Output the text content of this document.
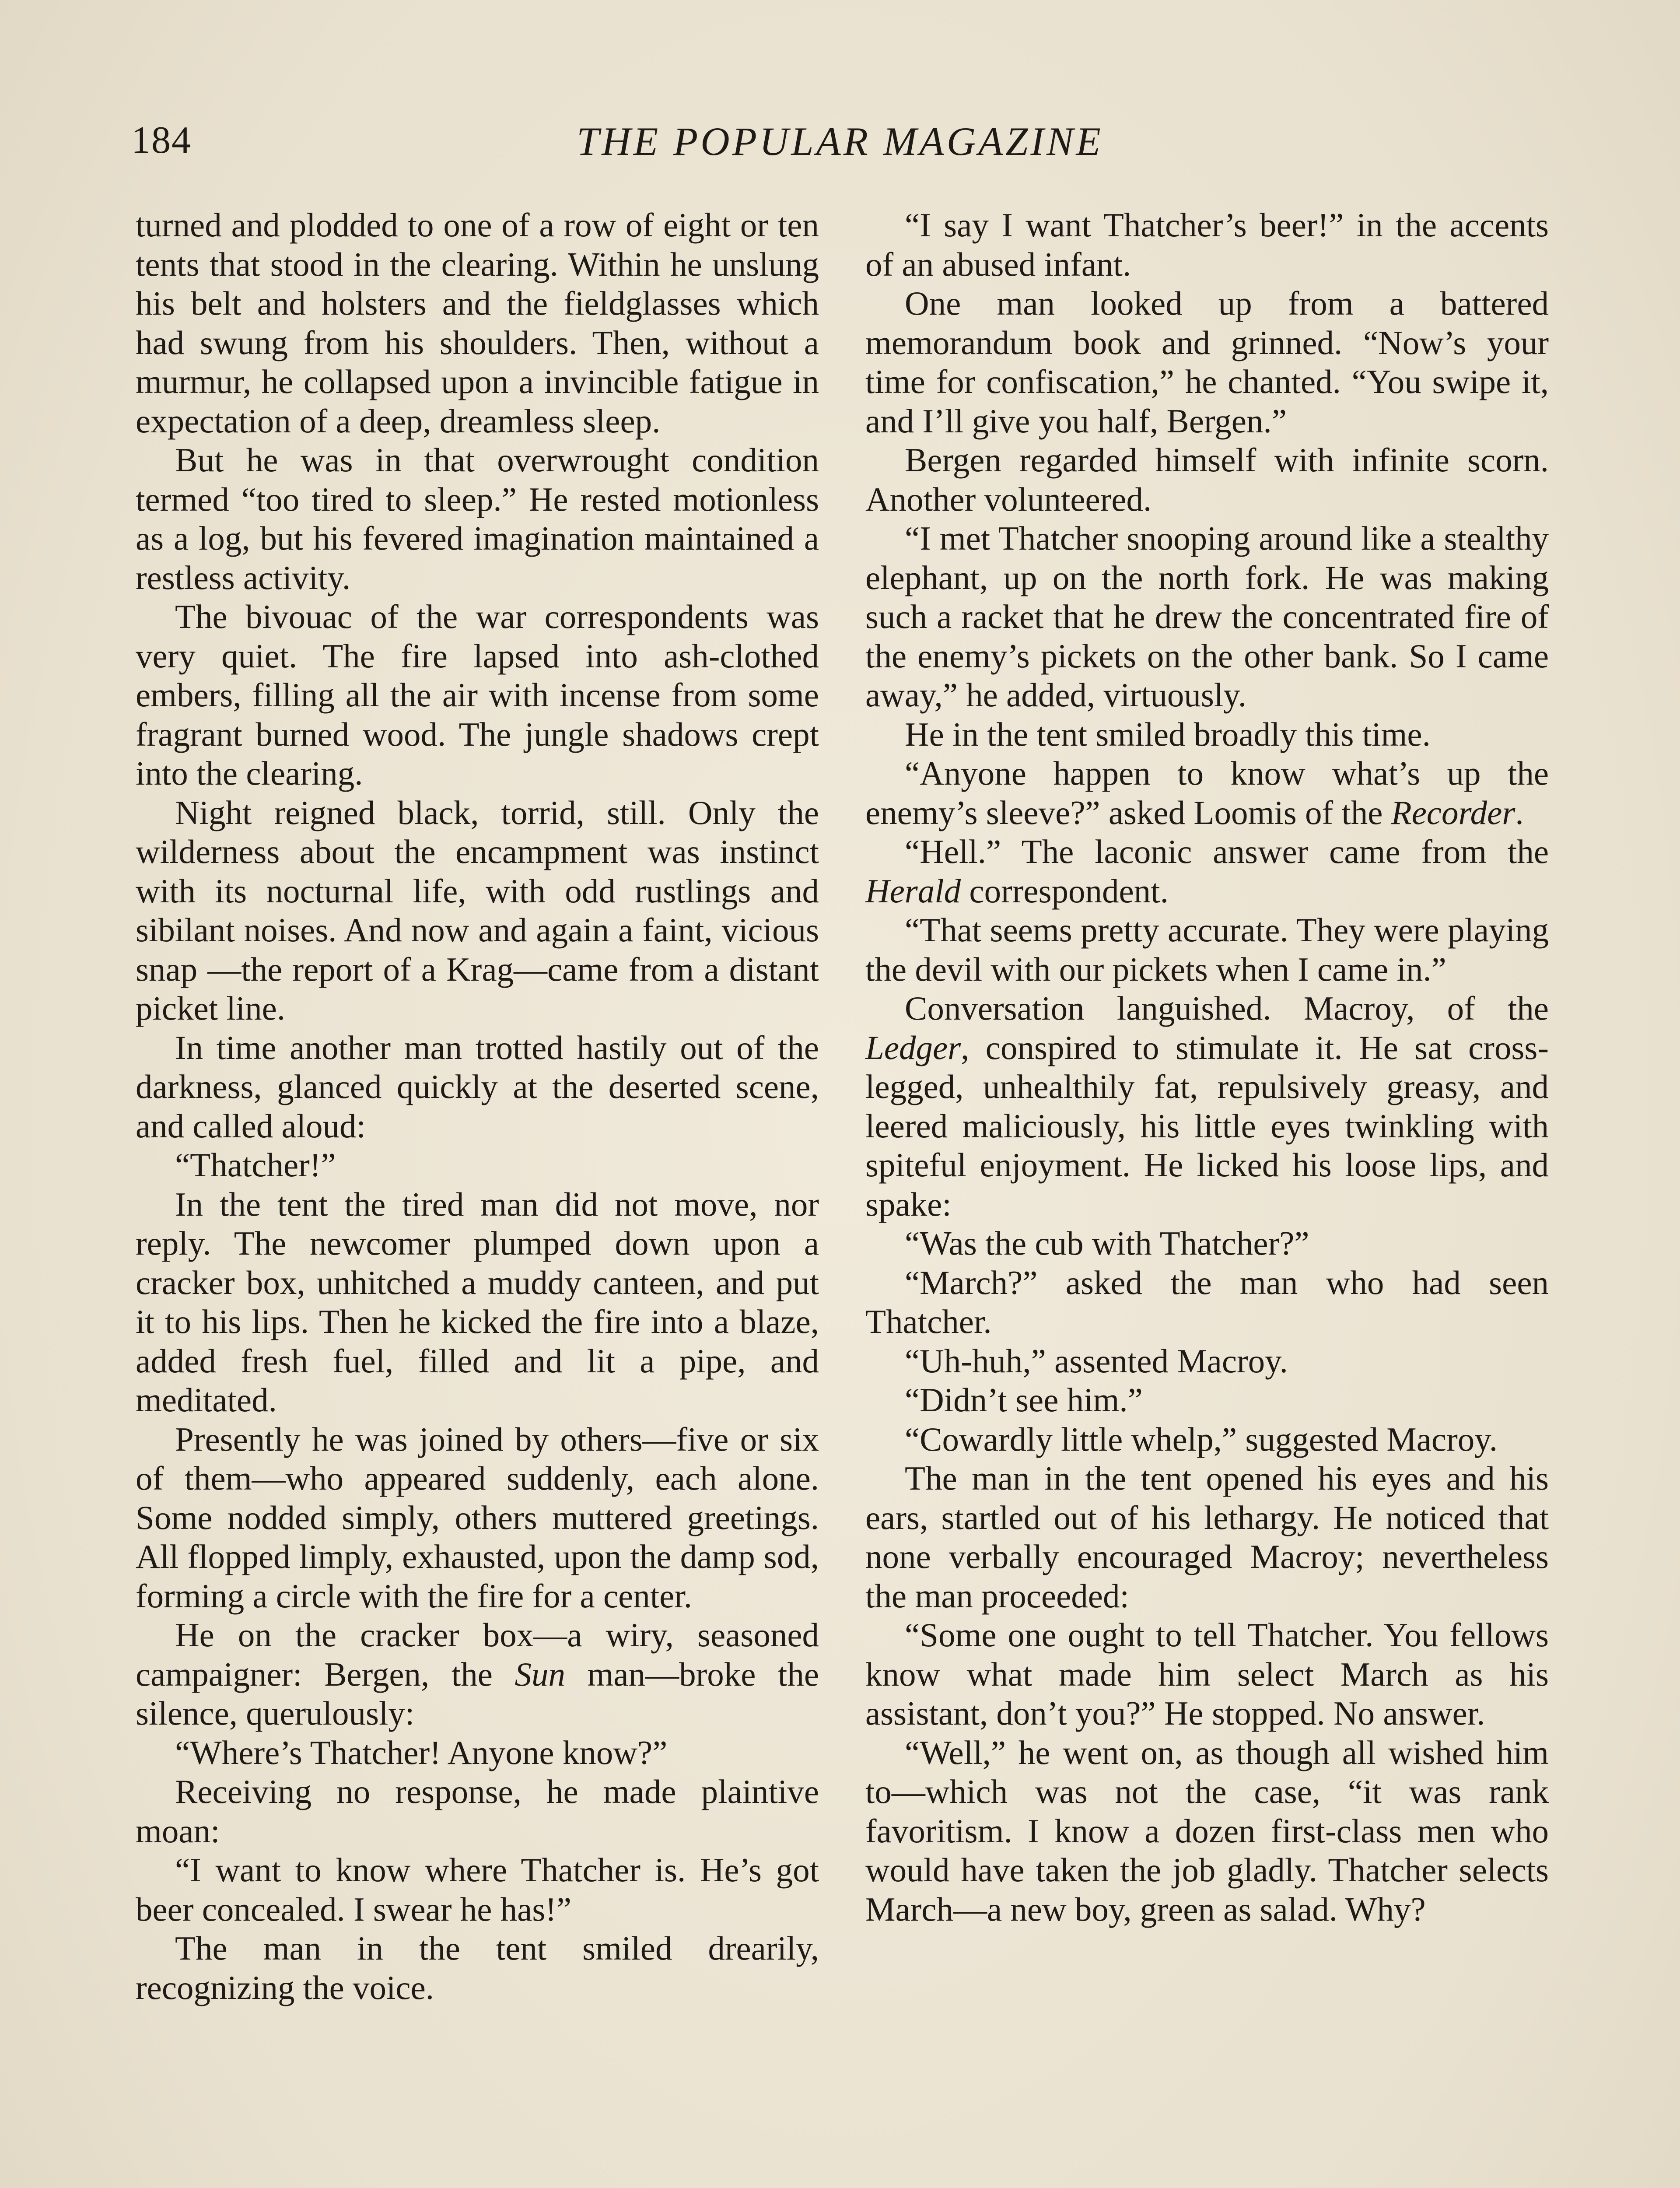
184	THE POPULAR MAGAZINE

turned and plodded to one of a row of eight or ten tents that stood in the clearing. Within he unslung his belt and holsters and the fieldglasses which had swung from his shoulders. Then, without a murmur, he collapsed upon a invincible fatigue in expectation of a deep, dreamless sleep.

But he was in that overwrought condition termed “too tired to sleep.” He rested motionless as a log, but his fevered imagination maintained a restless activity.

The bivouac of the war correspondents was very quiet. The fire lapsed into ash-clothed embers, filling all the air with incense from some fragrant burned wood. The jungle shadows crept into the clearing.

Night reigned black, torrid, still. Only the wilderness about the encampment was instinct with its nocturnal life, with odd rustlings and sibilant noises. And now and again a faint, vicious snap —the report of a Krag—came from a distant picket line.

In time another man trotted hastily out of the darkness, glanced quickly at the deserted scene, and called aloud:

“Thatcher!”

In the tent the tired man did not move, nor reply. The newcomer plumped down upon a cracker box, unhitched a muddy canteen, and put it to his lips. Then he kicked the fire into a blaze, added fresh fuel, filled and lit a pipe, and meditated.

Presently he was joined by others—five or six of them—who appeared suddenly, each alone. Some nodded simply, others muttered greetings. All flopped limply, exhausted, upon the damp sod, forming a circle with the fire for a center.

He on the cracker box—a wiry, seasoned campaigner: Bergen, the Sun man—broke the silence, querulously:

“Where’s Thatcher! Anyone know?”

Receiving no response, he made plaintive moan:

“I want to know where Thatcher is. He’s got beer concealed. I swear he has!”

The man in the tent smiled drearily, recognizing the voice.

“I say I want Thatcher’s beer!” in the accents of an abused infant.

One man looked up from a battered memorandum book and grinned. “Now’s your time for confiscation,” he chanted. “You swipe it, and I’ll give you half, Bergen.”

Bergen regarded himself with infinite scorn. Another volunteered.

“I met Thatcher snooping around like a stealthy elephant, up on the north fork. He was making such a racket that he drew the concentrated fire of the enemy’s pickets on the other bank. So I came away,” he added, virtuously.

He in the tent smiled broadly this time.

“Anyone happen to know what’s up the enemy’s sleeve?” asked Loomis of the Recorder.

“Hell.” The laconic answer came from the Herald correspondent.

“That seems pretty accurate. They were playing the devil with our pickets when I came in.”

Conversation languished. Macroy, of the Ledger, conspired to stimulate it. He sat cross-legged, unhealthily fat, repulsively greasy, and leered maliciously, his little eyes twinkling with spiteful enjoyment. He licked his loose lips, and spake:

“Was the cub with Thatcher?”

“March?” asked the man who had seen Thatcher.

“Uh-huh,” assented Macroy.

“Didn’t see him.”

“Cowardly little whelp,” suggested Macroy.

The man in the tent opened his eyes and his ears, startled out of his lethargy. He noticed that none verbally encouraged Macroy; nevertheless the man proceeded:

“Some one ought to tell Thatcher. You fellows know what made him select March as his assistant, don’t you?” He stopped. No answer.

“Well,” he went on, as though all wished him to—which was not the case, “it was rank favoritism. I know a dozen first-class men who would have taken the job gladly. Thatcher selects March—a new boy, green as salad. Why?
